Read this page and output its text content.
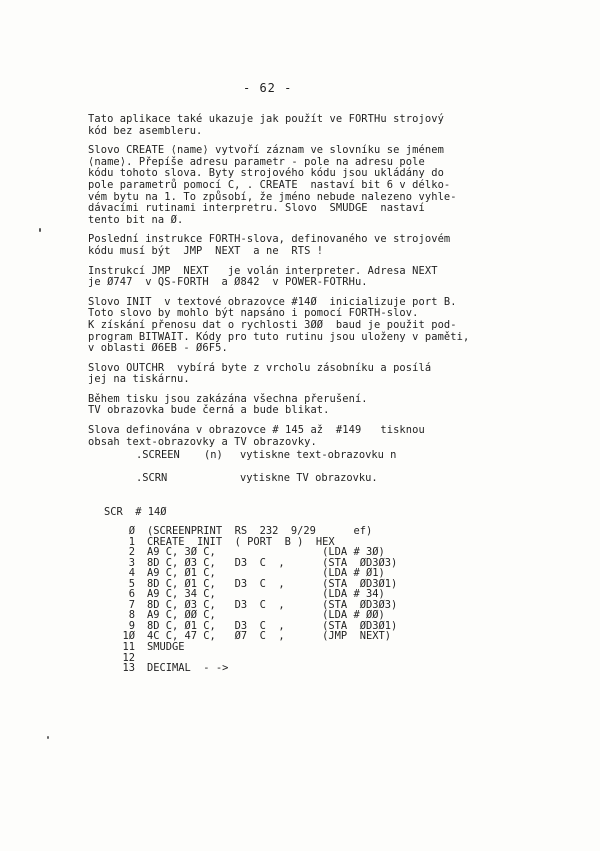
- 62 -
Tato aplikace také ukazuje jak použít ve FORTHu strojový
kód bez asembleru.
Slovo CREATE ⟨name⟩ vytvoří záznam ve slovníku se jménem
⟨name⟩. Přepíše adresu parametr - pole na adresu pole
kódu tohoto slova. Byty strojového kódu jsou ukládány do
pole parametrů pomocí C, . CREATE  nastaví bit 6 v délko-
vém bytu na 1. To způsobí, že jméno nebude nalezeno vyhle-
dávacími rutinami interpretru. Slovo  SMUDGE  nastaví
tento bit na Ø.
Poslední instrukce FORTH-slova, definovaného ve strojovém
kódu musí být  JMP  NEXT  a ne  RTS !
Instrukcí JMP  NEXT   je volán interpreter. Adresa NEXT
je Ø747  v QS-FORTH  a Ø842  v POWER-FOTRHu.
Slovo INIT  v textové obrazovce #14Ø  inicializuje port B.
Toto slovo by mohlo být napsáno i pomocí FORTH-slov.
K získání přenosu dat o rychlosti 3ØØ  baud je použit pod-
program BITWAIT. Kódy pro tuto rutinu jsou uloženy v paměti,
v oblasti Ø6EB - Ø6F5.
Slovo OUTCHR  vybírá byte z vrcholu zásobníku a posílá
jej na tiskárnu.
Během tisku jsou zakázána všechna přerušení.
TV obrazovka bude černá a bude blikat.
Slova definována v obrazovce # 145 až  #149   tisknou
obsah text-obrazovky a TV obrazovky.
.SCREEN	(n)	vytiskne text-obrazovku n
.SCRN	vytiskne TV obrazovku.
SCR  # 14Ø
Ø	(SCREENPRINT  RS  232  9/29      ef)
1	CREATE  INIT  ( PORT  B )  HEX
2	A9 C, 3Ø C,                 (LDA # 3Ø)
3	8D C, Ø3 C,   D3  C  ,      (STA  ØD3Ø3)
4	A9 C, Ø1 C,                 (LDA # Ø1)
5	8D C, Ø1 C,   D3  C  ,      (STA  ØD3Ø1)
6	A9 C, 34 C,                 (LDA # 34)
7	8D C, Ø3 C,   D3  C  ,      (STA  ØD3Ø3)
8	A9 C, ØØ C,                 (LDA # ØØ)
9	8D C, Ø1 C,   D3  C  ,      (STA  ØD3Ø1)
1Ø	4C C, 47 C,   Ø7  C  ,      (JMP  NEXT)
11	SMUDGE
12
13	DECIMAL  - ->
